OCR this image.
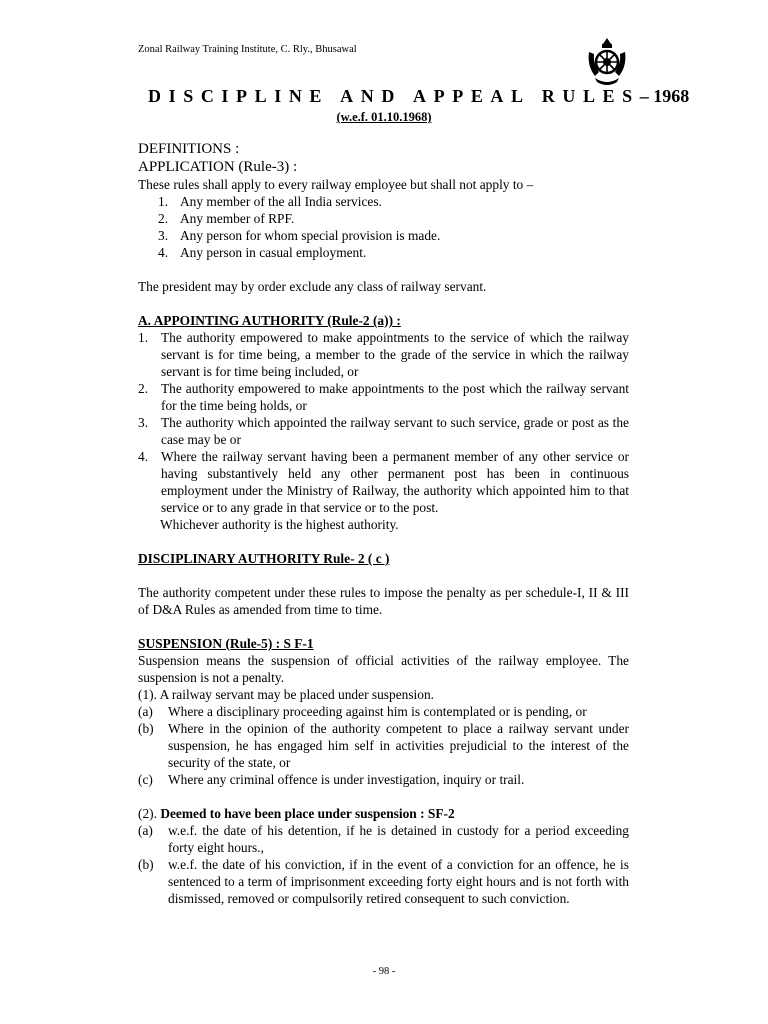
Zonal Railway Training Institute, C. Rly., Bhusawal
DISCIPLINE AND APPEAL RULES– 1968
(w.e.f. 01.10.1968)

DEFINITIONS :

APPLICATION (Rule-3) :

These rules shall apply to every railway employee but shall not apply to –

1. Any member of the all India services.
2. Any member of RPF.
3. Any person for whom special provision is made.
4. Any person in casual employment.

The president may by order exclude any class of railway servant.

A. APPOINTING AUTHORITY (Rule-2 (a)) :

1. The authority empowered to make appointments to the service of which the railway servant is for time being, a member to the grade of the service in which the railway servant is for time being included, or
2. The authority empowered to make appointments to the post which the railway servant for the time being holds, or
3. The authority which appointed the railway servant to such service, grade or post as the case may be or
4. Where the railway servant having been a permanent member of any other service or having substantively held any other permanent post has been in continuous employment under the Ministry of Railway, the authority which appointed him to that service or to any grade in that service or to the post.

Whichever authority is the highest authority.

DISCIPLINARY AUTHORITY Rule- 2 ( c )

The authority competent under these rules to impose the penalty as per schedule-I, II & III of D&A Rules as amended from time to time.

SUSPENSION (Rule-5) : S F-1

Suspension means the suspension of official activities of the railway employee. The suspension is not a penalty.

(1). A railway servant may be placed under suspension.

(a) Where a disciplinary proceeding against him is contemplated or is pending, or
(b) Where in the opinion of the authority competent to place a railway servant under suspension, he has engaged him self in activities prejudicial to the interest of the security of the state, or
(c) Where any criminal offence is under investigation, inquiry or trail.

(2). Deemed to have been place under suspension : SF-2

(a) w.e.f. the date of his detention, if he is detained in custody for a period exceeding forty eight hours.,
(b) w.e.f. the date of his conviction, if in the event of a conviction for an offence, he is sentenced to a term of imprisonment exceeding forty eight hours and is not forth with dismissed, removed or compulsorily retired consequent to such conviction.
- 98 -
